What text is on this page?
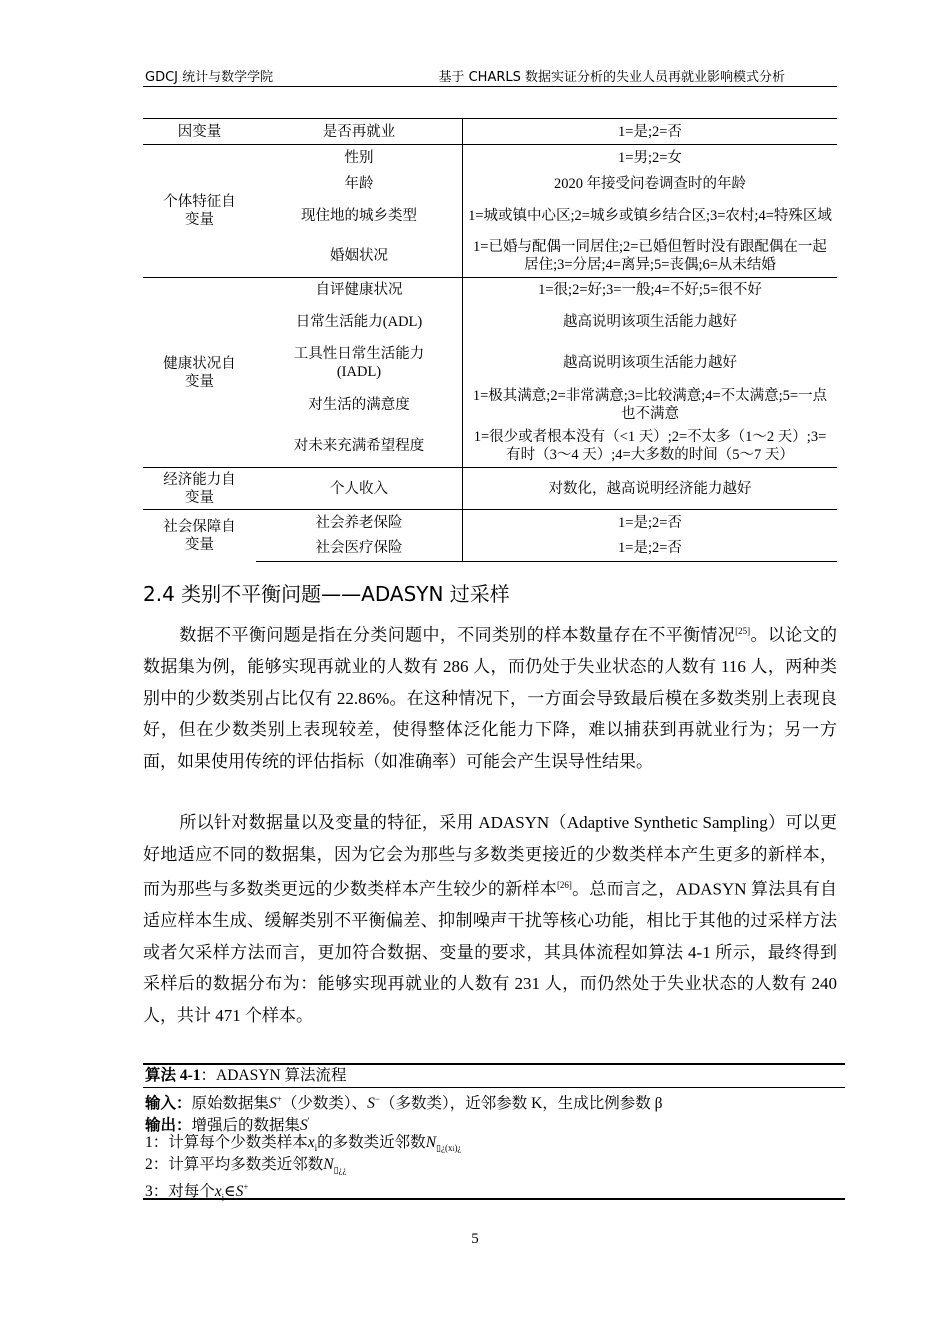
GDCJ 统计与数学学院	基于 CHARLS 数据实证分析的失业人员再就业影响模式分析
因变量	是否再就业	1=是;2=否
个体特征自变量	性别	1=男;2=女
	年龄	2020 年接受问卷调查时的年龄
	现住地的城乡类型	1=城或镇中心区;2=城乡或镇乡结合区;3=农村;4=特殊区域
	婚姻状况	1=已婚与配偶一同居住;2=已婚但暂时没有跟配偶在一起居住;3=分居;4=离异;5=丧偶;6=从未结婚
健康状况自变量	自评健康状况	1=很;2=好;3=一般;4=不好;5=很不好
	日常生活能力(ADL)	越高说明该项生活能力越好
	工具性日常生活能力(IADL)	越高说明该项生活能力越好
	对生活的满意度	1=极其满意;2=非常满意;3=比较满意;4=不太满意;5=一点也不满意
	对未来充满希望程度	1=很少或者根本没有（<1 天）;2=不太多（1～2 天）;3=有时（3～4 天）;4=大多数的时间（5～7 天）
经济能力自变量	个人收入	对数化，越高说明经济能力越好
社会保障自变量	社会养老保险	1=是;2=否
	社会医疗保险	1=是;2=否
2.4 类别不平衡问题——ADASYN 过采样

数据不平衡问题是指在分类问题中，不同类别的样本数量存在不平衡情况[25]。以论文的数据集为例，能够实现再就业的人数有 286 人，而仍处于失业状态的人数有 116 人，两种类别中的少数类别占比仅有 22.86%。在这种情况下，一方面会导致最后模在多数类别上表现良好，但在少数类别上表现较差，使得整体泛化能力下降，难以捕获到再就业行为；另一方面，如果使用传统的评估指标（如准确率）可能会产生误导性结果。

所以针对数据量以及变量的特征，采用 ADASYN（Adaptive Synthetic Sampling）可以更好地适应不同的数据集，因为它会为那些与多数类更接近的少数类样本产生更多的新样本，而为那些与多数类更远的少数类样本产生较少的新样本[26]。总而言之，ADASYN 算法具有自适应样本生成、缓解类别不平衡偏差、抑制噪声干扰等核心功能，相比于其他的过采样方法或者欠采样方法而言，更加符合数据、变量的要求，其具体流程如算法 4-1 所示，最终得到采样后的数据分布为：能够实现再就业的人数有 231 人，而仍然处于失业状态的人数有 240 人，共计 471 个样本。

算法 4-1：ADASYN 算法流程
输入：原始数据集S+（少数类）、S−（多数类），近邻参数 K，生成比例参数 β
输出：增强后的数据集S'
1：计算每个少数类样本$x_i$的多数类近邻数$N_{▯¿(xi)¿}$
2：计算平均多数类近邻数$N_{▯¿¿}$
3：对每个$x_i\in S^+$
5
